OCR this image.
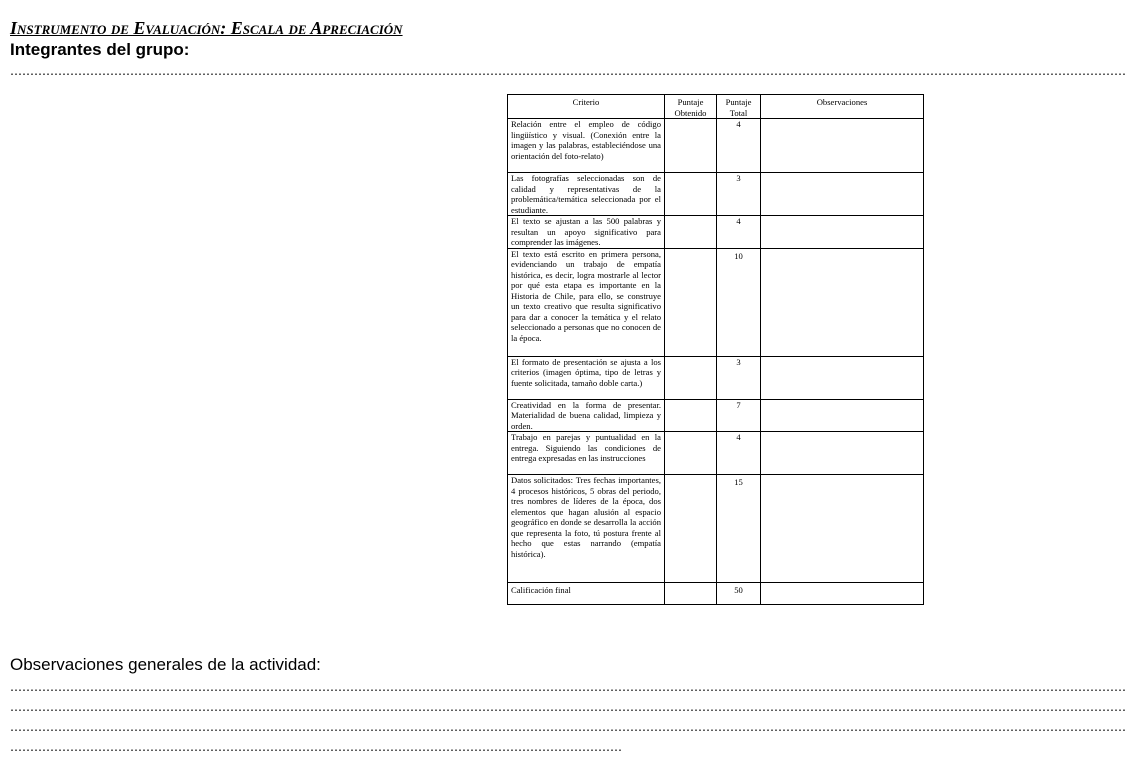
Instrumento de Evaluación: Escala de Apreciación
Integrantes del grupo:
………………………………………………………………………………………………………………………………………………………………………………………………………………………………………………………
Criterio	Puntaje Obtenido	Puntaje Total	Observaciones
Relación entre el empleo de código lingüístico y visual. (Conexión entre la imagen y las palabras, estableciéndose una orientación del foto-relato)		4	
Las fotografías seleccionadas son de calidad y representativas de la problemática/temática seleccionada por el estudiante.		3	
El texto se ajustan a las 500 palabras y resultan un apoyo significativo para comprender las imágenes.		4	
El texto está escrito en primera persona, evidenciando un trabajo de empatía histórica, es decir, logra mostrarle al lector por qué esta etapa es importante en la Historia de Chile, para ello, se construye un texto creativo que resulta significativo para dar a conocer la temática y el relato seleccionado a personas que no conocen de la época.		10	
El formato de presentación se ajusta a los criterios (imagen óptima, tipo de letras y fuente solicitada, tamaño doble carta.)		3	
Creatividad en la forma de presentar. Materialidad de buena calidad, limpieza y orden.		7	
Trabajo en parejas y puntualidad en la entrega. Siguiendo las condiciones de entrega expresadas en las instrucciones		4	
Datos solicitados: Tres fechas importantes, 4 procesos históricos, 5 obras del periodo, tres nombres de líderes de la época, dos elementos que hagan alusión al espacio geográfico en donde se desarrolla la acción que representa la foto, tú postura frente al hecho que estas narrando (empatía histórica).		15	
Calificación final		50	
Observaciones generales de la actividad:
………………………………………………………………………………………………………………………………………………………………………………………………………………………………………………………
………………………………………………………………………………………………………………………………………………………………………………………………………………………………………………………
………………………………………………………………………………………………………………………………………………………………………………………………………………………………………………………
………………………………………………………………………………………………………………………………………
